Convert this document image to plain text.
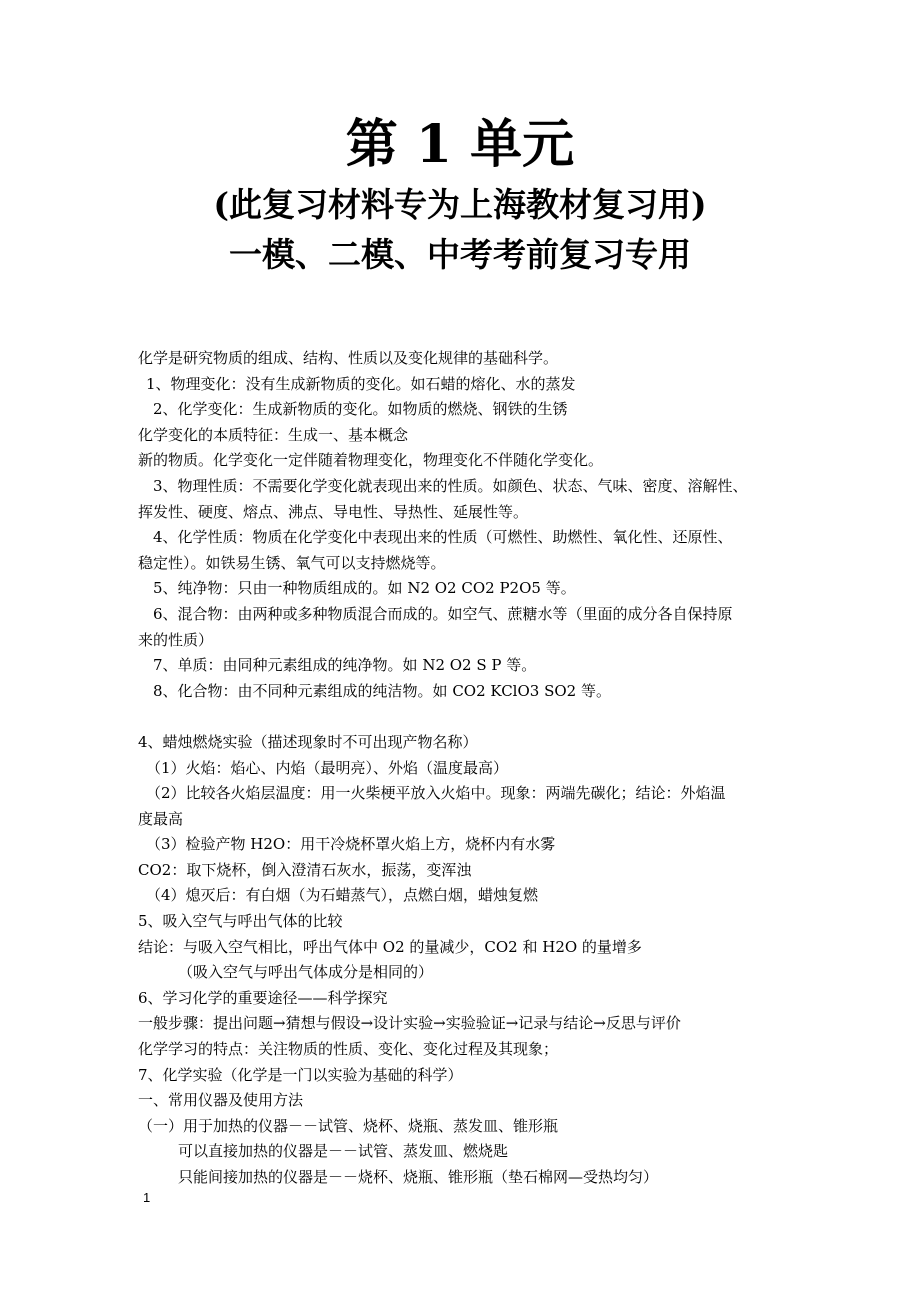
第 1 单元
(此复习材料专为上海教材复习用)
一模、二模、中考考前复习专用
化学是研究物质的组成、结构、性质以及变化规律的基础科学。
1、物理变化：没有生成新物质的变化。如石蜡的熔化、水的蒸发
2、化学变化：生成新物质的变化。如物质的燃烧、钢铁的生锈
化学变化的本质特征：生成一、基本概念
新的物质。化学变化一定伴随着物理变化，物理变化不伴随化学变化。
3、物理性质：不需要化学变化就表现出来的性质。如颜色、状态、气味、密度、溶解性、
挥发性、硬度、熔点、沸点、导电性、导热性、延展性等。
4、化学性质：物质在化学变化中表现出来的性质（可燃性、助燃性、氧化性、还原性、
稳定性）。如铁易生锈、氧气可以支持燃烧等。
5、纯净物：只由一种物质组成的。如 N2 O2 CO2 P2O5 等。
6、混合物：由两种或多种物质混合而成的。如空气、蔗糖水等（里面的成分各自保持原
来的性质）
7、单质：由同种元素组成的纯净物。如 N2 O2 S P 等。
8、化合物：由不同种元素组成的纯洁物。如 CO2 KClO3 SO2 等。
4、蜡烛燃烧实验（描述现象时不可出现产物名称）
（1）火焰：焰心、内焰（最明亮）、外焰（温度最高）
（2）比较各火焰层温度：用一火柴梗平放入火焰中。现象：两端先碳化；结论：外焰温
度最高
（3）检验产物 H2O：用干冷烧杯罩火焰上方，烧杯内有水雾
CO2：取下烧杯，倒入澄清石灰水，振荡，变浑浊
（4）熄灭后：有白烟（为石蜡蒸气），点燃白烟，蜡烛复燃
5、吸入空气与呼出气体的比较
结论：与吸入空气相比，呼出气体中 O2 的量减少，CO2 和 H2O 的量增多
（吸入空气与呼出气体成分是相同的）
6、学习化学的重要途径——科学探究
一般步骤：提出问题→猜想与假设→设计实验→实验验证→记录与结论→反思与评价
化学学习的特点：关注物质的性质、变化、变化过程及其现象；
7、化学实验（化学是一门以实验为基础的科学）
一、常用仪器及使用方法
（一）用于加热的仪器－－试管、烧杯、烧瓶、蒸发皿、锥形瓶
可以直接加热的仪器是－－试管、蒸发皿、燃烧匙
只能间接加热的仪器是－－烧杯、烧瓶、锥形瓶（垫石棉网—受热均匀）
1
